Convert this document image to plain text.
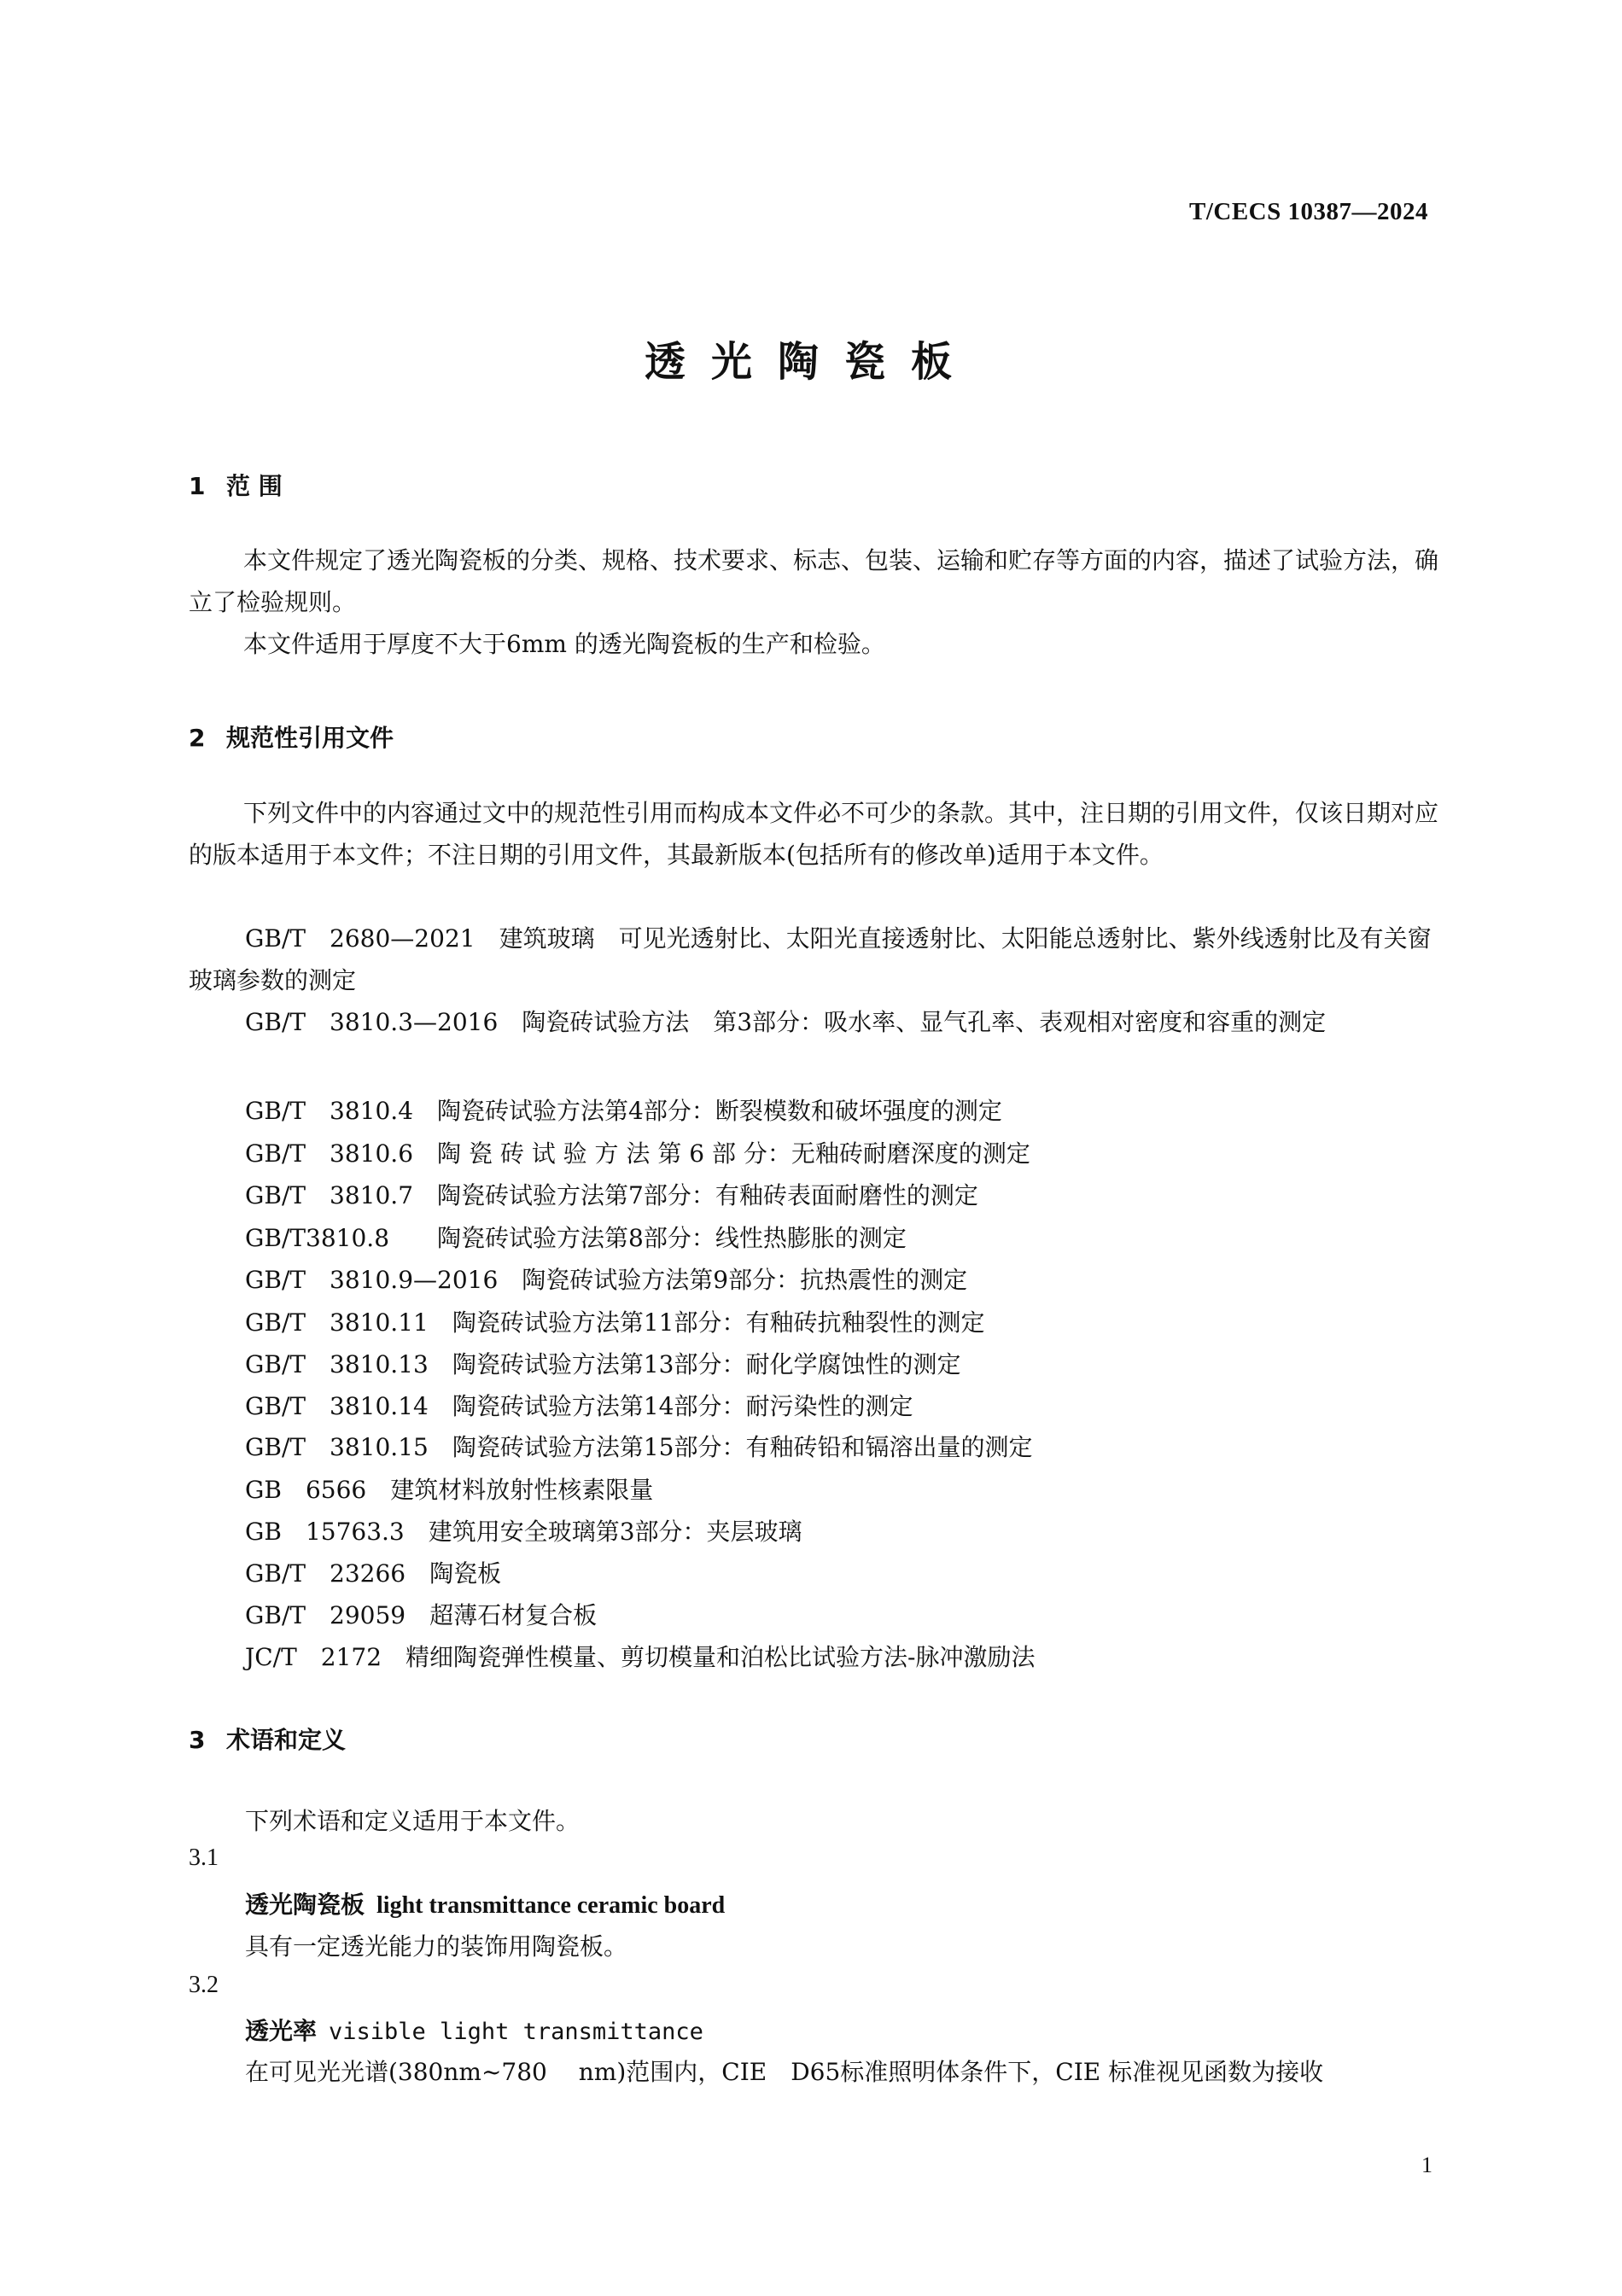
T/CECS 10387—2024
透光陶瓷板
1 范 围
本文件规定了透光陶瓷板的分类、规格、技术要求、标志、包装、运输和贮存等方面的内容，描述了试验方法，确立了检验规则。
本文件适用于厚度不大于6mm 的透光陶瓷板的生产和检验。
2 规范性引用文件
下列文件中的内容通过文中的规范性引用而构成本文件必不可少的条款。其中，注日期的引用文件，仅该日期对应的版本适用于本文件；不注日期的引用文件，其最新版本(包括所有的修改单)适用于本文件。
GB/T　2680—2021　建筑玻璃　可见光透射比、太阳光直接透射比、太阳能总透射比、紫外线透射比及有关窗玻璃参数的测定
GB/T　3810.3—2016　陶瓷砖试验方法　第3部分：吸水率、显气孔率、表观相对密度和容重的测定
GB/T　3810.4　陶瓷砖试验方法第4部分：断裂模数和破坏强度的测定
GB/T　3810.6　陶 瓷 砖 试 验 方 法 第 6 部 分：无釉砖耐磨深度的测定
GB/T　3810.7　陶瓷砖试验方法第7部分：有釉砖表面耐磨性的测定
GB/T3810.8　　陶瓷砖试验方法第8部分：线性热膨胀的测定
GB/T　3810.9—2016　陶瓷砖试验方法第9部分：抗热震性的测定
GB/T　3810.11　陶瓷砖试验方法第11部分：有釉砖抗釉裂性的测定
GB/T　3810.13　陶瓷砖试验方法第13部分：耐化学腐蚀性的测定
GB/T　3810.14　陶瓷砖试验方法第14部分：耐污染性的测定
GB/T　3810.15　陶瓷砖试验方法第15部分：有釉砖铅和镉溶出量的测定
GB　6566　建筑材料放射性核素限量
GB　15763.3　建筑用安全玻璃第3部分：夹层玻璃
GB/T　23266　陶瓷板
GB/T　29059　超薄石材复合板
JC/T　2172　精细陶瓷弹性模量、剪切模量和泊松比试验方法-脉冲激励法
3 术语和定义
下列术语和定义适用于本文件。
3.1
透光陶瓷板 light transmittance ceramic board
具有一定透光能力的装饰用陶瓷板。
3.2
透光率 visible light transmittance
在可见光光谱(380nm~780　 nm)范围内，CIE　D65标准照明体条件下，CIE 标准视见函数为接收
1
